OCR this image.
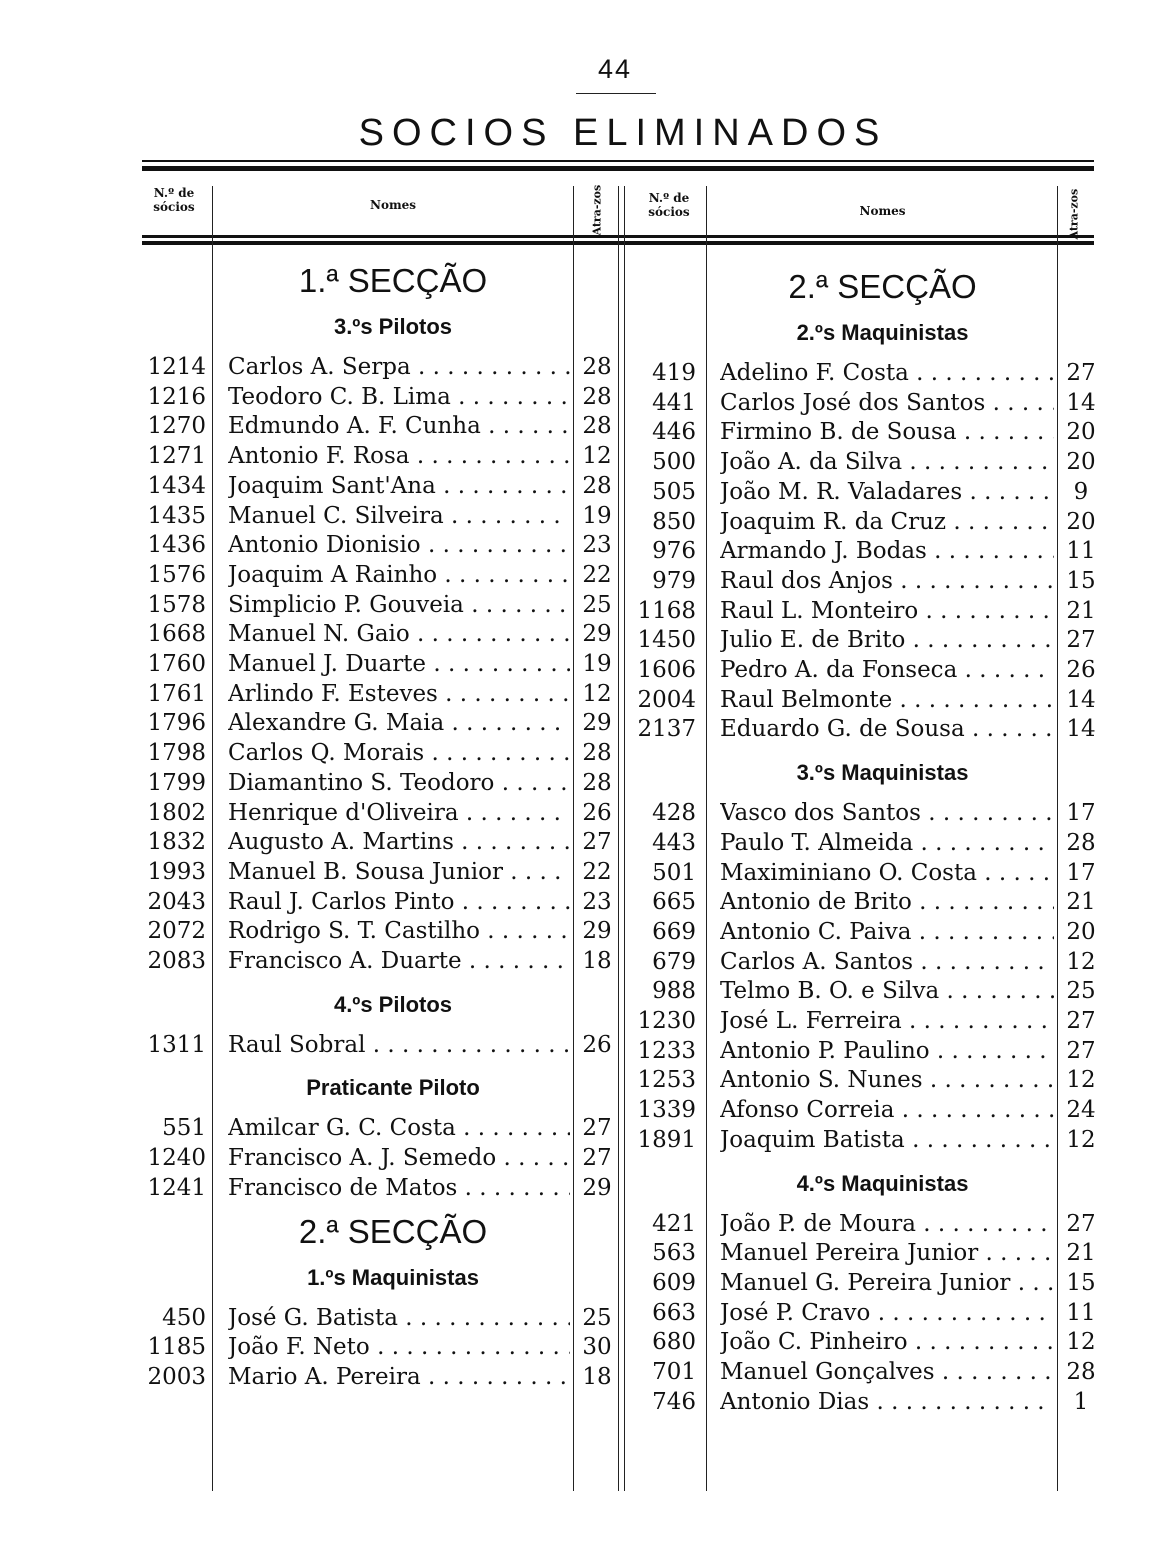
44
SOCIOS ELIMINADOS
N.º de sócios	Nomes	Atra-zos	N.º de sócios	Nomes	Atra-zos
1.ª SECÇÃO
3.ºs Pilotos
1214 Carlos A. Serpa . . .	28
1216 Teodoro C. B. Lima . . .	28
1270 Edmundo A. F. Cunha . . .	28
1271 Antonio F. Rosa . . .	12
1434 Joaquim Sant'Ana . . .	28
1435 Manuel C. Silveira . . .	19
1436 Antonio Dionisio . . .	23
1576 Joaquim A Rainho . . .	22
1578 Simplicio P. Gouveia . . .	25
1668 Manuel N. Gaio . . .	29
1760 Manuel J. Duarte . . .	19
1761 Arlindo F. Esteves . . .	12
1796 Alexandre G. Maia . . .	29
1798 Carlos Q. Morais . . .	28
1799 Diamantino S. Teodoro . . .	28
1802 Henrique d'Oliveira . . .	26
1832 Augusto A. Martins . . .	27
1993 Manuel B. Sousa Junior . . .	22
2043 Raul J. Carlos Pinto . . .	23
2072 Rodrigo S. T. Castilho . . .	29
2083 Francisco A. Duarte . . .	18
4.ºs Pilotos
1311 Raul Sobral . . .	26
Praticante Piloto
551 Amilcar G. C. Costa . . .	27
1240 Francisco A. J. Semedo . . .	27
1241 Francisco de Matos . . .	29
2.ª SECÇÃO
1.ºs Maquinistas
450 José G. Batista . . .	25
1185 João F. Neto . . .	30
2003 Mario A. Pereira . . .	18
2.ª SECÇÃO
2.ºs Maquinistas
419 Adelino F. Costa . . .	27
441 Carlos José dos Santos . . .	14
446 Firmino B. de Sousa . . .	20
500 João A. da Silva . . .	20
505 João M. R. Valadares . . .	9
850 Joaquim R. da Cruz . . .	20
976 Armando J. Bodas . . .	11
979 Raul dos Anjos . . .	15
1168 Raul L. Monteiro . . .	21
1450 Julio E. de Brito . . .	27
1606 Pedro A. da Fonseca . . .	26
2004 Raul Belmonte . . .	14
2137 Eduardo G. de Sousa . . .	14
3.ºs Maquinistas
428 Vasco dos Santos . . .	17
443 Paulo T. Almeida . . .	28
501 Maximiniano O. Costa . . .	17
665 Antonio de Brito . . .	21
669 Antonio C. Paiva . . .	20
679 Carlos A. Santos . . .	12
988 Telmo B. O. e Silva . . .	25
1230 José L. Ferreira . . .	27
1233 Antonio P. Paulino . . .	27
1253 Antonio S. Nunes . . .	12
1339 Afonso Correia . . .	24
1891 Joaquim Batista . . .	12
4.ºs Maquinistas
421 João P. de Moura . . .	27
563 Manuel Pereira Junior . . .	21
609 Manuel G. Pereira Junior . . .	15
663 José P. Cravo . . .	11
680 João C. Pinheiro . . .	12
701 Manuel Gonçalves . . .	28
746 Antonio Dias . . .	1
